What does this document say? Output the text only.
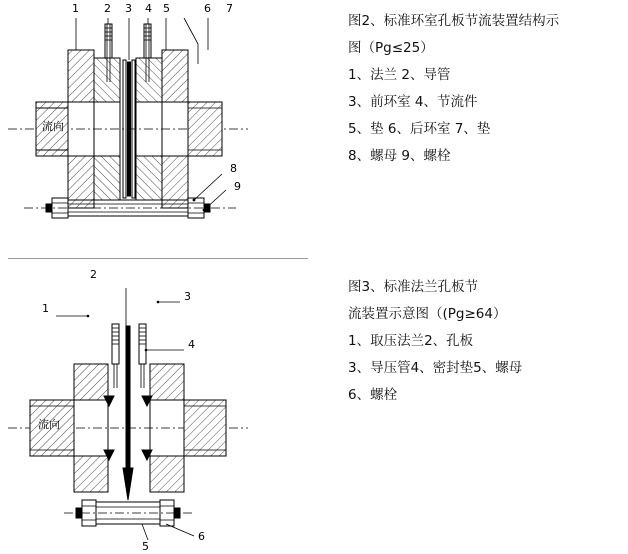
1 2 3 4 5	6 7
8
9
流向
图2、标准环室孔板节流装置结构示
图（Pg≤25）
1、法兰 2、导管
3、前环室 4、节流件
5、垫 6、后环室 7、垫
8、螺母 9、螺栓
1
2
3
4
5
6
流向
图3、标准法兰孔板节
流装置示意图（(Pg≥64）
1、取压法兰2、孔板
3、导压管4、密封垫5、螺母
6、螺栓
